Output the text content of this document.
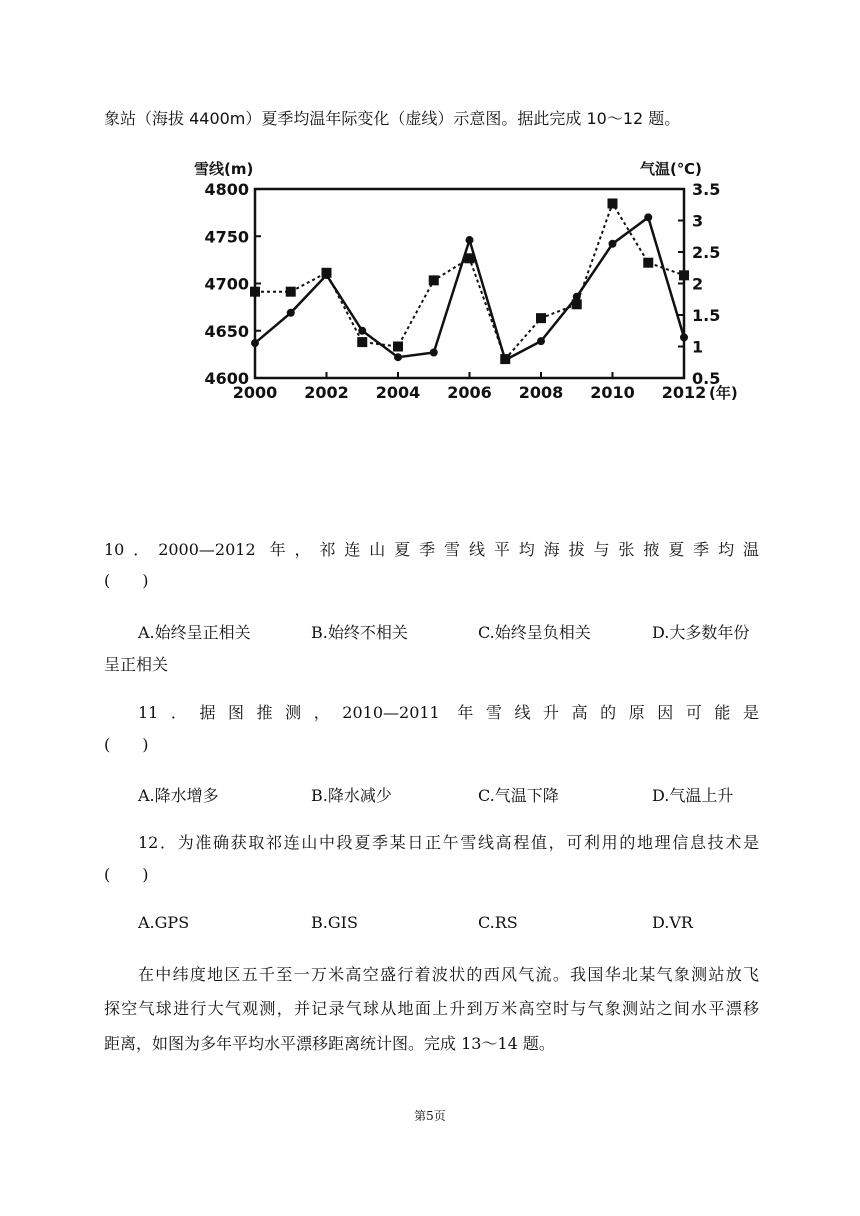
象站（海拔 4400m）夏季均温年际变化（虚线）示意图。据此完成 10～12 题。
雪线(m)	气温(℃)
(年)
4600
4650
4700
4750
4800
0.5
1
1.5
2
2.5
3
3.5
2000 2002 2004 2006 2008 2010 2012
10．2000—2012 年，祁连山夏季雪线平均海拔与张掖夏季均温
(　　)
A.始终呈正相关	B.始终不相关	C.始终呈负相关	D.大多数年份
呈正相关
11．据图推测，2010—2011 年雪线升高的原因可能是
(　　)
A.降水增多	B.降水减少	C.气温下降	D.气温上升
12．为准确获取祁连山中段夏季某日正午雪线高程值，可利用的地理信息技术是
(　　)
A.GPS	B.GIS	C.RS	D.VR
在中纬度地区五千至一万米高空盛行着波状的西风气流。我国华北某气象测站放飞
探空气球进行大气观测，并记录气球从地面上升到万米高空时与气象测站之间水平漂移
距离，如图为多年平均水平漂移距离统计图。完成 13～14 题。
第5页
